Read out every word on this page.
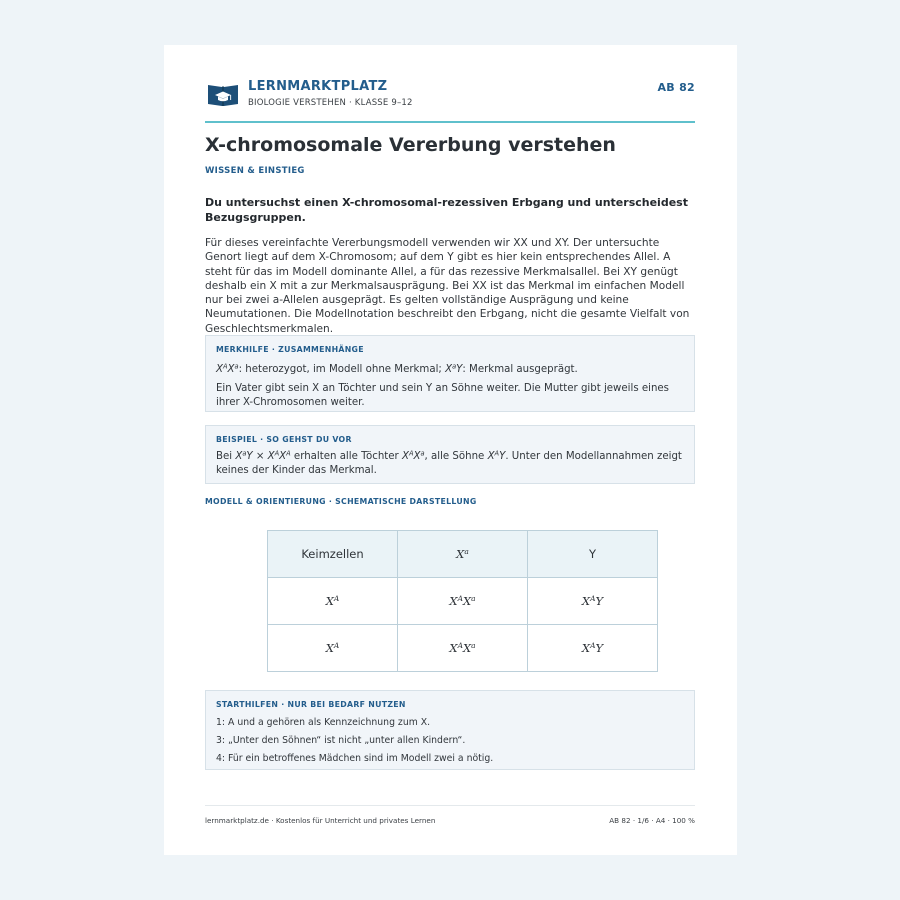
LERNMARKTPLATZ
BIOLOGIE VERSTEHEN · KLASSE 9–12
AB 82
X-chromosomale Vererbung verstehen
WISSEN & EINSTIEG
Du untersuchst einen X-chromosomal-rezessiven Erbgang und unterscheidest Bezugsgruppen.
Für dieses vereinfachte Vererbungsmodell verwenden wir XX und XY. Der untersuchte Genort liegt auf dem X-Chromosom; auf dem Y gibt es hier kein entsprechendes Allel. A steht für das im Modell dominante Allel, a für das rezessive Merkmalsallel. Bei XY genügt deshalb ein X mit a zur Merkmalsausprägung. Bei XX ist das Merkmal im einfachen Modell nur bei zwei a-Allelen ausgeprägt. Es gelten vollständige Ausprägung und keine Neumutationen. Die Modellnotation beschreibt den Erbgang, nicht die gesamte Vielfalt von Geschlechtsmerkmalen.
MERKHILFE · ZUSAMMENHÄNGE

$X^AX^a$: heterozygot, im Modell ohne Merkmal; $X^aY$: Merkmal ausgeprägt.

Ein Vater gibt sein X an Töchter und sein Y an Söhne weiter. Die Mutter gibt jeweils eines ihrer X-Chromosomen weiter.

BEISPIEL · SO GEHST DU VOR

Bei $X^aY \times X^AX^A$ erhalten alle Töchter $X^AX^a$, alle Söhne $X^AY$. Unter den Modellannahmen zeigt keines der Kinder das Merkmal.

MODELL & ORIENTIERUNG · SCHEMATISCHE DARSTELLUNG
Keimzellen	$X^a$	Y
$X^A$	$X^AX^a$	$X^AY$
$X^A$	$X^AX^a$	$X^AY$
STARTHILFEN · NUR BEI BEDARF NUTZEN

1: A und a gehören als Kennzeichnung zum X.

3: „Unter den Söhnen“ ist nicht „unter allen Kindern“.

4: Für ein betroffenes Mädchen sind im Modell zwei a nötig.

lernmarktplatz.de · Kostenlos für Unterricht und privates Lernen	AB 82 · 1/6 · A4 · 100 %
